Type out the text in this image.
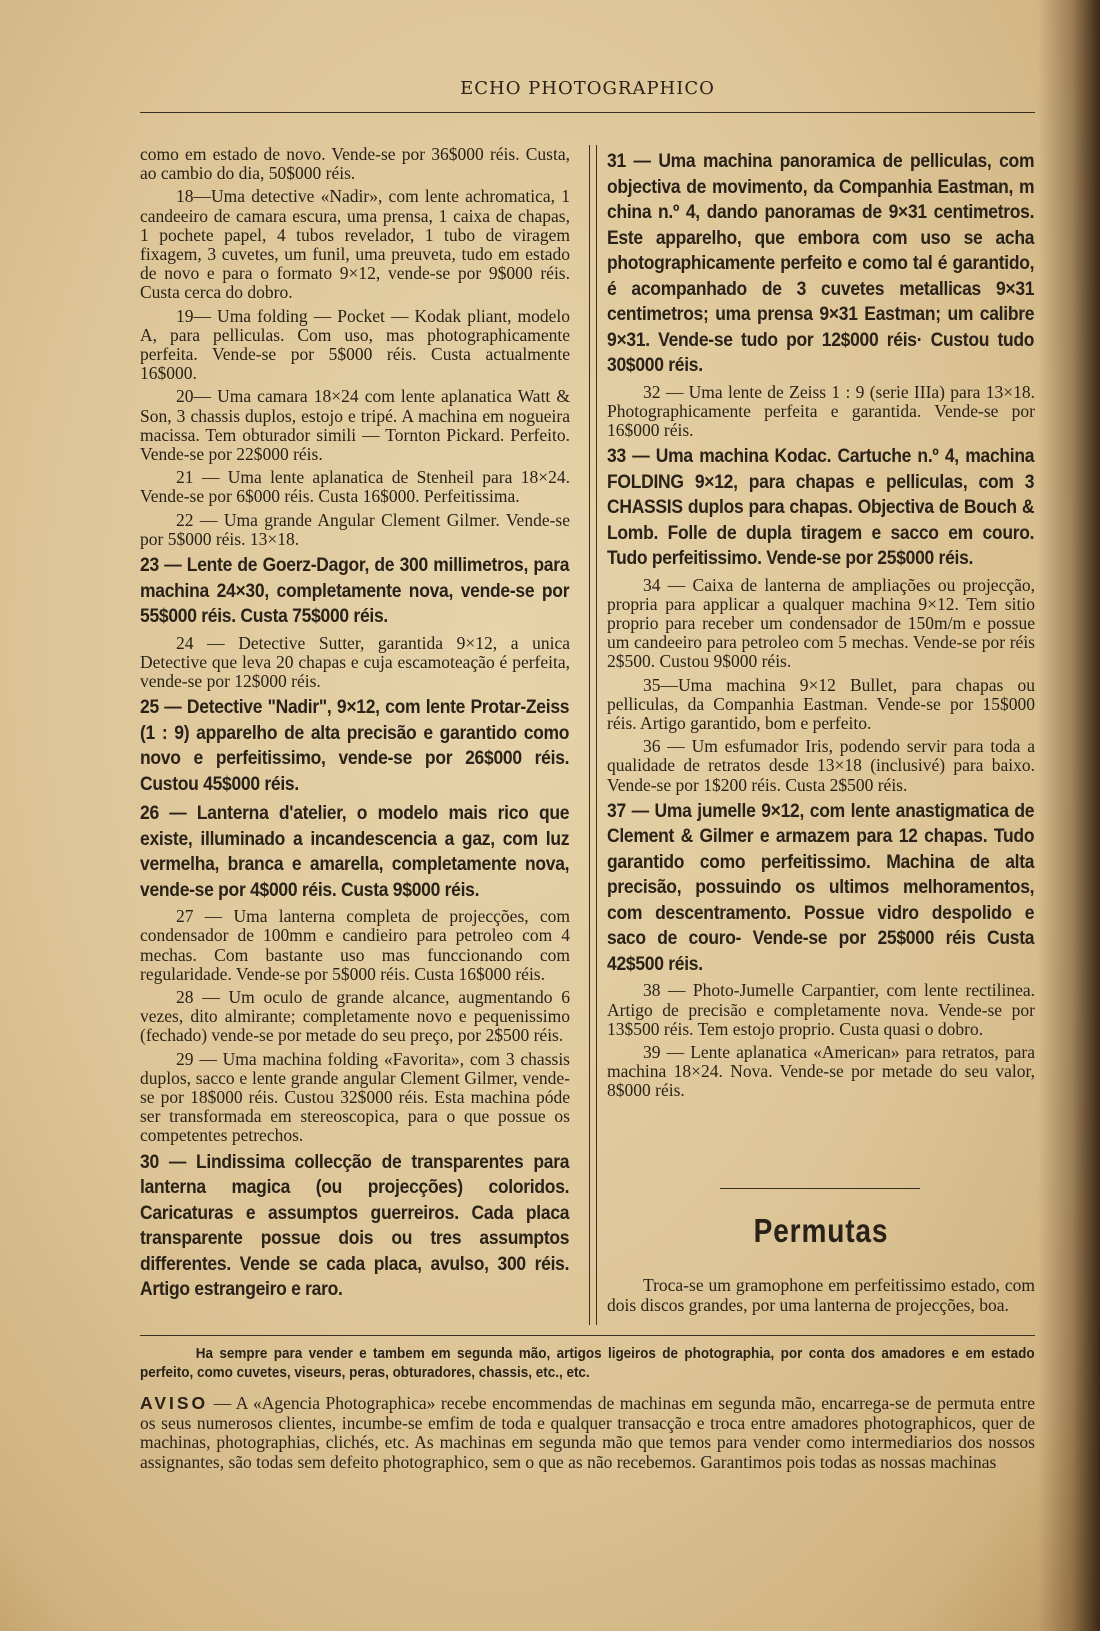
ECHO PHOTOGRAPHICO

como em estado de novo. Vende-se por 36$000 réis. Custa, ao cambio do dia, 50$000 réis.

18—Uma detective «Nadir», com lente achromatica, 1 candeeiro de camara escura, uma prensa, 1 caixa de chapas, 1 pochete papel, 4 tubos revelador, 1 tubo de viragem fixagem, 3 cuvetes, um funil, uma preuveta, tudo em estado de novo e para o formato 9×12, vende-se por 9$000 réis. Custa cerca do dobro.

19— Uma folding — Pocket — Kodak pliant, modelo A, para pelliculas. Com uso, mas photographicamente perfeita. Vende-se por 5$000 réis. Custa actualmente 16$000.

20— Uma camara 18×24 com lente aplanatica Watt & Son, 3 chassis duplos, estojo e tripé. A machina em nogueira macissa. Tem obturador simili — Tornton Pickard. Perfeito. Vende-se por 22$000 réis.

21 — Uma lente aplanatica de Stenheil para 18×24. Vende-se por 6$000 réis. Custa 16$000. Perfeitissima.

22 — Uma grande Angular Clement Gilmer. Vende-se por 5$000 réis. 13×18.

23 — Lente de Goerz-Dagor, de 300 millimetros, para machina 24×30, completamente nova, vende-se por 55$000 réis. Custa 75$000 réis.

24 — Detective Sutter, garantida 9×12, a unica Detective que leva 20 chapas e cuja escamoteação é perfeita, vende-se por 12$000 réis.

25 — Detective "Nadir", 9×12, com lente Protar-Zeiss (1 : 9) apparelho de alta precisão e garantido como novo e perfeitissimo, vende-se por 26$000 réis. Custou 45$000 réis.

26 — Lanterna d'atelier, o modelo mais rico que existe, illuminado a incandescencia a gaz, com luz vermelha, branca e amarella, completamente nova, vende-se por 4$000 réis. Custa 9$000 réis.

27 — Uma lanterna completa de projecções, com condensador de 100mm e candieiro para petroleo com 4 mechas. Com bastante uso mas funccionando com regularidade. Vende-se por 5$000 réis. Custa 16$000 réis.

28 — Um oculo de grande alcance, augmentando 6 vezes, dito almirante; completamente novo e pequenissimo (fechado) vende-se por metade do seu preço, por 2$500 réis.

29 — Uma machina folding «Favorita», com 3 chassis duplos, sacco e lente grande angular Clement Gilmer, vende-se por 18$000 réis. Custou 32$000 réis. Esta machina póde ser transformada em stereoscopica, para o que possue os competentes petrechos.

30 — Lindissima collecção de transparentes para lanterna magica (ou projecções) coloridos. Caricaturas e assumptos guerreiros. Cada placa transparente possue dois ou tres assumptos differentes. Vende se cada placa, avulso, 300 réis. Artigo estrangeiro e raro.

31 — Uma machina panoramica de pelliculas, com objectiva de movimento, da Companhia Eastman, m china n.º 4, dando panoramas de 9×31 centimetros. Este apparelho, que embora com uso se acha photographicamente perfeito e como tal é garantido, é acompanhado de 3 cuvetes metallicas 9×31 centimetros; uma prensa 9×31 Eastman; um calibre 9×31. Vende-se tudo por 12$000 réis· Custou tudo 30$000 réis.

32 — Uma lente de Zeiss 1 : 9 (serie IIIa) para 13×18. Photographicamente perfeita e garantida. Vende-se por 16$000 réis.

33 — Uma machina Kodac. Cartuche n.º 4, machina FOLDING 9×12, para chapas e pelliculas, com 3 CHASSIS duplos para chapas. Objectiva de Bouch & Lomb. Folle de dupla tiragem e sacco em couro. Tudo perfeitissimo. Vende-se por 25$000 réis.

34 — Caixa de lanterna de ampliações ou projecção, propria para applicar a qualquer machina 9×12. Tem sitio proprio para receber um condensador de 150m/m e possue um candeeiro para petroleo com 5 mechas. Vende-se por réis 2$500. Custou 9$000 réis.

35—Uma machina 9×12 Bullet, para chapas ou pelliculas, da Companhia Eastman. Vende-se por 15$000 réis. Artigo garantido, bom e perfeito.

36 — Um esfumador Iris, podendo servir para toda a qualidade de retratos desde 13×18 (inclusivé) para baixo. Vende-se por 1$200 réis. Custa 2$500 réis.

37 — Uma jumelle 9×12, com lente anastigmatica de Clement & Gilmer e armazem para 12 chapas. Tudo garantido como perfeitissimo. Machina de alta precisão, possuindo os ultimos melhoramentos, com descentramento. Possue vidro despolido e saco de couro- Vende-se por 25$000 réis Custa 42$500 réis.

38 — Photo-Jumelle Carpantier, com lente rectilinea. Artigo de precisão e completamente nova. Vende-se por 13$500 réis. Tem estojo proprio. Custa quasi o dobro.

39 — Lente aplanatica «American» para retratos, para machina 18×24. Nova. Vende-se por metade do seu valor, 8$000 réis.

Permutas

Troca-se um gramophone em perfeitissimo estado, com dois discos grandes, por uma lanterna de projecções, boa.

Ha sempre para vender e tambem em segunda mão, artigos ligeiros de photographia, por conta dos amadores e em estado perfeito, como cuvetes, viseurs, peras, obturadores, chassis, etc., etc.

AVISO — A «Agencia Photographica» recebe encommendas de machinas em segunda mão, encarrega-se de permuta entre os seus numerosos clientes, incumbe-se emfim de toda e qualquer transacção e troca entre amadores photographicos, quer de machinas, photographias, clichés, etc. As machinas em segunda mão que temos para vender como intermediarios dos nossos assignantes, são todas sem defeito photographico, sem o que as não recebemos. Garantimos pois todas as nossas machinas
